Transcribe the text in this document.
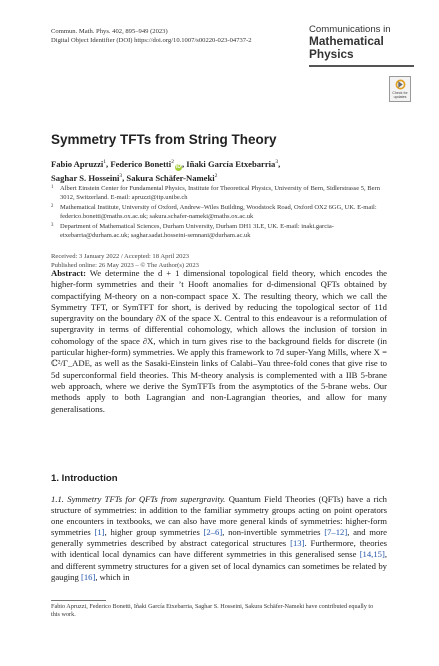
Commun. Math. Phys. 402, 895–949 (2023)
Digital Object Identifier (DOI) https://doi.org/10.1007/s00220-023-04737-2

Communications in
Mathematical
Physics

Check for
updates
Symmetry TFTs from String Theory
Fabio Apruzzi$^1$, Federico Bonetti$^2$iD, Iñaki García Etxebarria$^3$,
Saghar S. Hosseini$^3$, Sakura Schäfer-Nameki$^2$
1 Albert Einstein Center for Fundamental Physics, Institute for Theoretical Physics, University of Bern, Sidlerstrasse 5, Bern 3012, Switzerland. E-mail: apruzzi@itp.unibe.ch
2 Mathematical Institute, University of Oxford, Andrew–Wiles Building, Woodstock Road, Oxford OX2 6GG, UK. E-mail: federico.bonetti@maths.ox.ac.uk; sakura.schafer-nameki@maths.ox.ac.uk
3 Department of Mathematical Sciences, Durham University, Durham DH1 3LE, UK. E-mail: inaki.garcia-etxebarria@durham.ac.uk; saghar.sadat.hosseini-semnani@durham.ac.uk
Received: 3 January 2022 / Accepted: 18 April 2023
Published online: 26 May 2023 – © The Author(s) 2023

Abstract: We determine the d + 1 dimensional topological field theory, which encodes the higher-form symmetries and their ’t Hooft anomalies for d-dimensional QFTs obtained by compactifying M-theory on a non-compact space X. The resulting theory, which we call the Symmetry TFT, or SymTFT for short, is derived by reducing the topological sector of 11d supergravity on the boundary ∂X of the space X. Central to this endeavour is a reformulation of supergravity in terms of differential cohomology, which allows the inclusion of torsion in cohomology of the space ∂X, which in turn gives rise to the background fields for discrete (in particular higher-form) symmetries. We apply this framework to 7d super-Yang Mills, where X = ℂ²/Γ_ADE, as well as the Sasaki-Einstein links of Calabi–Yau three-fold cones that give rise to 5d superconformal field theories. This M-theory analysis is complemented with a IIB 5-brane web approach, where we derive the SymTFTs from the asymptotics of the 5-brane webs. Our methods apply to both Lagrangian and non-Lagrangian theories, and allow for many generalisations.

1. Introduction

1.1. Symmetry TFTs for QFTs from supergravity. Quantum Field Theories (QFTs) have a rich structure of symmetries: in addition to the familiar symmetry groups acting on point operators one encounters in textbooks, we can also have more general kinds of symmetries: higher-form symmetries [1], higher group symmetries [2–6], non-invertible symmetries [7–12], and more generally symmetries described by abstract categorical structures [13]. Furthermore, theories with identical local dynamics can have different symmetries in this generalised sense [14,15], and different symmetry structures for a given set of local dynamics can sometimes be related by gauging [16], which in

Fabio Apruzzi, Federico Bonetti, Iñaki García Etxebarria, Saghar S. Hosseini, Sakura Schäfer-Nameki have contributed equally to this work.
